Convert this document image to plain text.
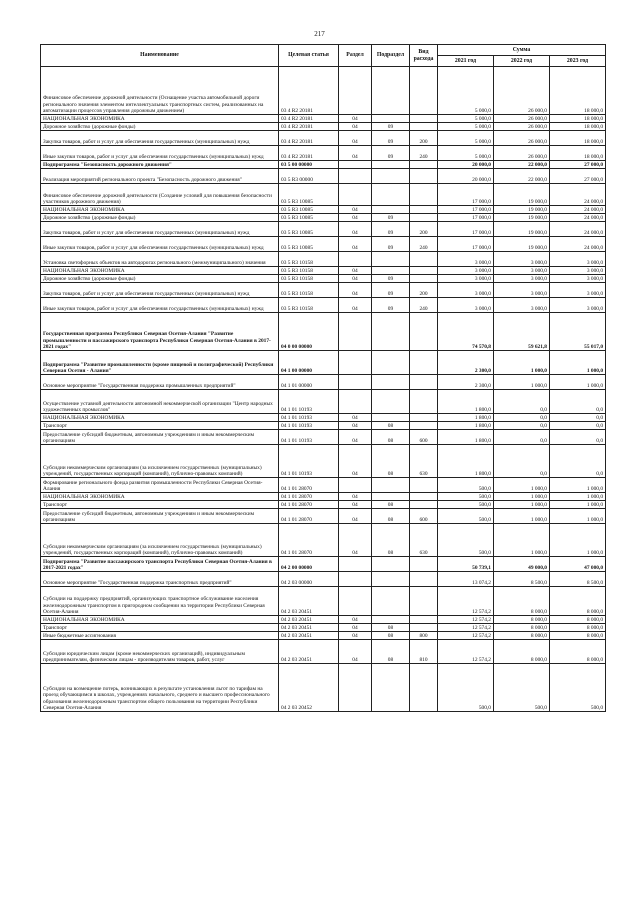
217
Наименование	Целевая статья	Раздел	Подраздел	Вид расхода	Сумма		
					2021 год	2022 год	2023 год
Финансовое обеспечение дорожной деятельности (Оснащение участка автомобильной дороги регионального значения элементом интеллектуальных транспортных систем, реализованных на автоматизации процессов управления дорожным движением)	03 4 R2 20181				5 000,0	26 000,0	18 000,0
НАЦИОНАЛЬНАЯ ЭКОНОМИКА	03 4 R2 20181	04			5 000,0	26 000,0	18 000,0
Дорожное хозяйство (дорожные фонды)	03 4 R2 20181	04	09		5 000,0	26 000,0	18 000,0
Закупка товаров, работ и услуг для обеспечения государственных (муниципальных) нужд	03 4 R2 20181	04	09	200	5 000,0	26 000,0	18 000,0
Иные закупки товаров, работ и услуг для обеспечения государственных (муниципальных) нужд	03 4 R2 20181	04	09	240	5 000,0	26 000,0	18 000,0
Подпрограмма "Безопасность дорожного движения"	03 5 00 00000				20 000,0	22 000,0	27 000,0
Реализация мероприятий регионального проекта "Безопасность дорожного движения"	03 5 R3 00000				20 000,0	22 000,0	27 000,0
Финансовое обеспечение дорожной деятельности (Создание условий для повышения безопасности участников дорожного движения)	03 5 R3 10085				17 000,0	19 000,0	24 000,0
НАЦИОНАЛЬНАЯ ЭКОНОМИКА	03 5 R3 10085	04			17 000,0	19 000,0	24 000,0
Дорожное хозяйство (дорожные фонды)	03 5 R3 10085	04	09		17 000,0	19 000,0	24 000,0
Закупка товаров, работ и услуг для обеспечения государственных (муниципальных) нужд	03 5 R3 10085	04	09	200	17 000,0	19 000,0	24 000,0
Иные закупки товаров, работ и услуг для обеспечения государственных (муниципальных) нужд	03 5 R3 10085	04	09	240	17 000,0	19 000,0	24 000,0
Установка светофорных объектов на автодорогах регионального (межмуниципального) значения	03 5 R3 10158				3 000,0	3 000,0	3 000,0
НАЦИОНАЛЬНАЯ ЭКОНОМИКА	03 5 R3 10158	04			3 000,0	3 000,0	3 000,0
Дорожное хозяйство (дорожные фонды)	03 5 R3 10158	04	09		3 000,0	3 000,0	3 000,0
Закупка товаров, работ и услуг для обеспечения государственных (муниципальных) нужд	03 5 R3 10158	04	09	200	3 000,0	3 000,0	3 000,0
Иные закупки товаров, работ и услуг для обеспечения государственных (муниципальных) нужд	03 5 R3 10158	04	09	240	3 000,0	3 000,0	3 000,0
Государственная программа Республики Северная Осетия-Алания "Развитие промышленности и пассажирского транспорта Республики Северная Осетия-Алания в 2017-2021 годах"	04 0 00 00000				74 570,8	59 621,8	55 017,0
Подпрограмма "Развитие промышленности (кроме пищевой и полиграфической) Республики Северная Осетия - Алания"	04 1 00 00000				2 300,0	1 000,0	1 000,0
Основное мероприятие "Государственная поддержка промышленных предприятий"	04 1 01 00000				2 300,0	1 000,0	1 000,0
Осуществление уставной деятельности автономной некоммерческой организации "Центр народных художественных промыслов"	04 1 01 10193				1 800,0	0,0	0,0
НАЦИОНАЛЬНАЯ ЭКОНОМИКА	04 1 01 10193	04			1 800,0	0,0	0,0
Транспорт	04 1 01 10193	04	08		1 800,0	0,0	0,0
Предоставление субсидий бюджетным, автономным учреждениям и иным некоммерческим организациям	04 1 01 10193	04	08	600	1 800,0	0,0	0,0
Субсидии некоммерческим организациям (за исключением государственных (муниципальных) учреждений, государственных корпораций (компаний), публично-правовых компаний)	04 1 01 10193	04	08	630	1 800,0	0,0	0,0
Формирование регионального фонда развития промышленности Республики Северная Осетия-Алания	04 1 01 28070				500,0	1 000,0	1 000,0
НАЦИОНАЛЬНАЯ ЭКОНОМИКА	04 1 01 28070	04			500,0	1 000,0	1 000,0
Транспорт	04 1 01 28070	04	08		500,0	1 000,0	1 000,0
Предоставление субсидий бюджетным, автономным учреждениям и иным некоммерческим организациям	04 1 01 28070	04	08	600	500,0	1 000,0	1 000,0
Субсидии некоммерческим организациям (за исключением государственных (муниципальных) учреждений, государственных корпораций (компаний), публично-правовых компаний)	04 1 01 28070	04	08	630	500,0	1 000,0	1 000,0
Подпрограмма "Развитие пассажирского транспорта Республики Северная Осетия-Алания в 2017-2021 годах"	04 2 00 00000				50 739,1	49 000,0	47 000,0
Основное мероприятие "Государственная поддержка транспортных предприятий"	04 2 03 00000				13 074,2	8 500,0	8 500,0
Субсидии на поддержку предприятий, организующих транспортное обслуживание населения железнодорожным транспортом в пригородном сообщении на территории Республики Северная Осетия-Алания	04 2 03 20451				12 574,2	8 000,0	8 000,0
НАЦИОНАЛЬНАЯ ЭКОНОМИКА	04 2 03 20451	04			12 574,2	8 000,0	8 000,0
Транспорт	04 2 03 20451	04	08		12 574,2	8 000,0	8 000,0
Иные бюджетные ассигнования	04 2 03 20451	04	08	800	12 574,2	8 000,0	8 000,0
Субсидии юридическим лицам (кроме некоммерческих организаций), индивидуальным предпринимателям, физическим лицам - производителям товаров, работ, услуг	04 2 03 20451	04	08	810	12 574,2	8 000,0	8 000,0
Субсидии на возмещение потерь, возникающих в результате установления льгот по тарифам на проезд обучающимся в школах, учреждениях начального, среднего и высшего профессионального образования железнодорожным транспортом общего пользования на территории Республики Северная Осетия-Алания	04 2 03 20452				500,0	500,0	500,0
